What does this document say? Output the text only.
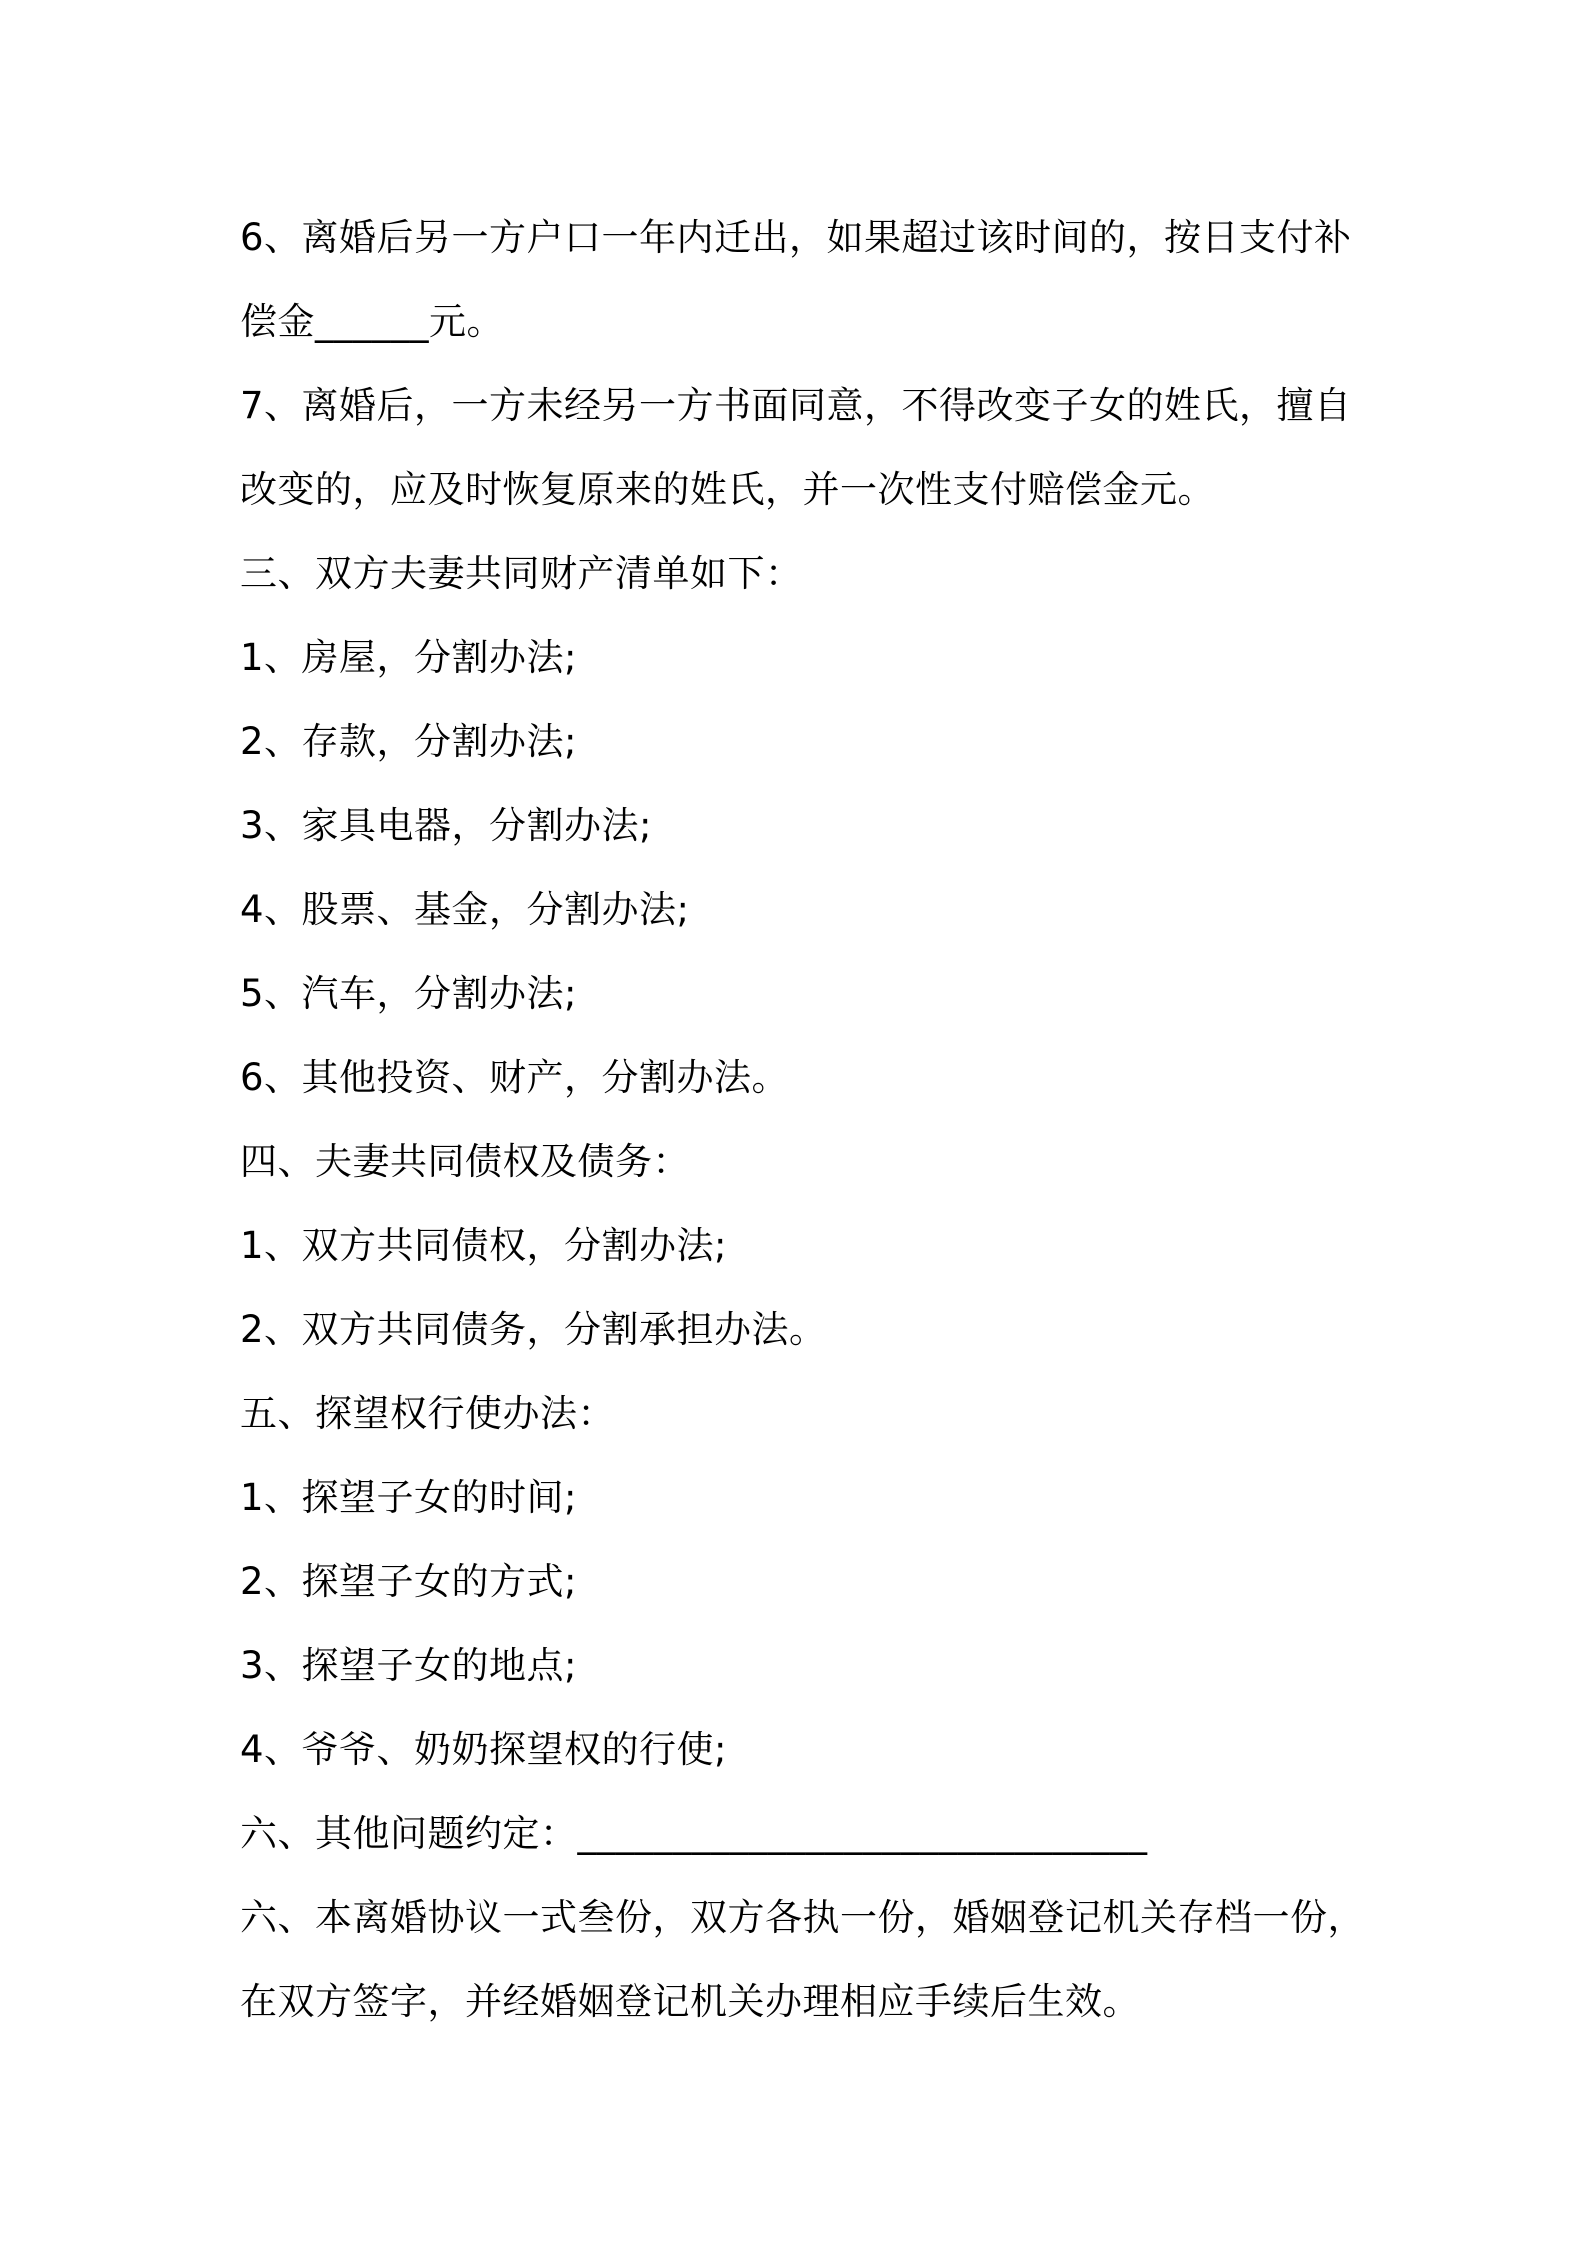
6、离婚后另一方户口一年内迁出，如果超过该时间的，按日支付补
偿金______元。
7、离婚后，一方未经另一方书面同意，不得改变子女的姓氏，擅自
改变的，应及时恢复原来的姓氏，并一次性支付赔偿金元。
三、双方夫妻共同财产清单如下：
1、房屋，分割办法;
2、存款，分割办法;
3、家具电器，分割办法;
4、股票、基金，分割办法;
5、汽车，分割办法;
6、其他投资、财产，分割办法。
四、夫妻共同债权及债务：
1、双方共同债权，分割办法;
2、双方共同债务，分割承担办法。
五、探望权行使办法：
1、探望子女的时间;
2、探望子女的方式;
3、探望子女的地点;
4、爷爷、奶奶探望权的行使;
六、其他问题约定：______________________________
六、本离婚协议一式叁份，双方各执一份，婚姻登记机关存档一份，
在双方签字，并经婚姻登记机关办理相应手续后生效。
